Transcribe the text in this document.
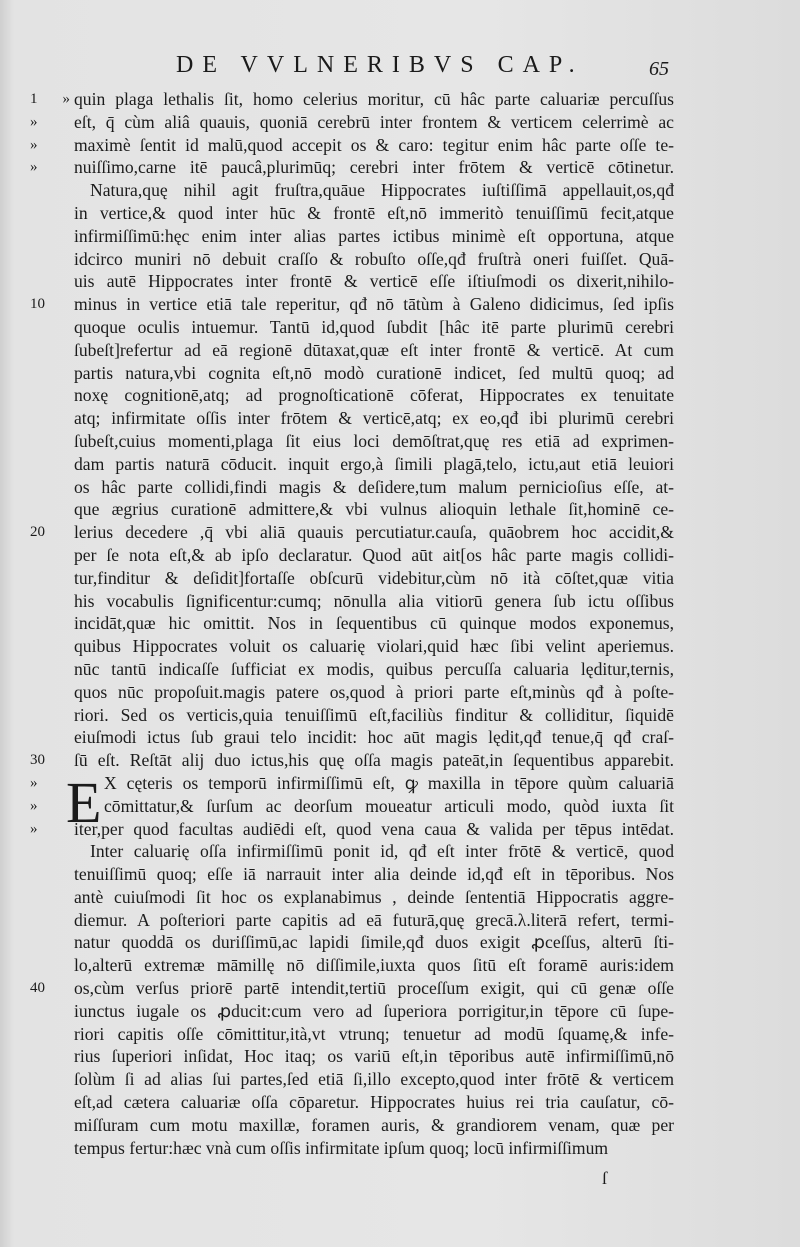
DE VVLNERIBVS CAP.	65
1 » quin plaga lethalis ſit, homo celerius moritur, cū hâc parte caluariæ percuſſus
»	eſt, q̄ cùm aliâ quauis, quoniā cerebrū inter frontem & verticem celerrimè ac
»	maximè ſentit id malū,quod accepit os & caro: tegitur enim hâc parte oſſe te-
»	nuiſſimo,carne itē paucâ,plurimūq; cerebri inter frōtem & verticē cōtinetur.
Natura,quę nihil agit fruſtra,quāue Hippocrates iuſtiſſimā appellauit,os,qđ
in vertice,& quod inter hūc & frontē eſt,nō immeritò tenuiſſimū fecit,atque
infirmiſſimū:hęc enim inter alias partes ictibus minimè eſt opportuna, atque
idcirco muniri nō debuit craſſo & robuſto oſſe,qđ fruſtrà oneri fuiſſet. Quā-
uis autē Hippocrates inter frontē & verticē eſſe iſtiuſmodi os dixerit,nihilo-
10	minus in vertice etiā tale reperitur, qđ nō tātùm à Galeno didicimus, ſed ipſis
quoque oculis intuemur. Tantū id,quod ſubdit [hâc itē parte plurimū cerebri
ſubeſt]refertur ad eā regionē dūtaxat,quæ eſt inter frontē & verticē. At cum
partis natura,vbi cognita eſt,nō modò curationē indicet, ſed multū quoq; ad
noxę cognitionē,atq; ad prognoſticationē cōferat, Hippocrates ex tenuitate
atq; infirmitate oſſis inter frōtem & verticē,atq; ex eo,qđ ibi plurimū cerebri
ſubeſt,cuius momenti,plaga ſit eius loci demōſtrat,quę res etiā ad exprimen-
dam partis naturā cōducit. inquit ergo,à ſimili plagā,telo, ictu,aut etiā leuiori
os hâc parte collidi,findi magis & deſidere,tum malum pernicioſius eſſe, at-
que ægrius curationē admittere,& vbi vulnus alioquin lethale ſit,hominē ce-
20	lerius decedere ,q̄ vbi aliā quauis percutiatur.cauſa, quāobrem hoc accidit,&
per ſe nota eſt,& ab ipſo declaratur. Quod aūt ait[os hâc parte magis collidi-
tur,finditur & deſidit]fortaſſe obſcurū videbitur,cùm nō ità cōſtet,quæ vitia
his vocabulis ſignificentur:cumq; nōnulla alia vitiorū genera ſub ictu oſſibus
incidāt,quæ hic omittit. Nos in ſequentibus cū quinque modos exponemus,
quibus Hippocrates voluit os caluarię violari,quid hæc ſibi velint aperiemus.
nūc tantū indicaſſe ſufficiat ex modis, quibus percuſſa caluaria lęditur,ternis,
quos nūc propoſuit.magis patere os,quod à priori parte eſt,minùs qđ à poſte-
riori. Sed os verticis,quia tenuiſſimū eſt,faciliùs finditur & colliditur, ſiquidē
eiuſmodi ictus ſub graui telo incidit: hoc aūt magis lędit,qđ tenue,q̄ qđ craſ-
30	ſū eſt. Reſtāt alij duo ictus,his quę oſſa magis pateāt,in ſequentibus apparebit.
» E X cęteris os temporū infirmiſſimū eſt, ꝙ maxilla in tēpore quùm caluariā
»	cōmittatur,& ſurſum ac deorſum moueatur articuli modo, quòd iuxta ſit
»	iter,per quod facultas audiēdi eſt, quod vena caua & valida per tēpus intēdat.
Inter caluarię oſſa infirmiſſimū ponit id, qđ eſt inter frōtē & verticē, quod
tenuiſſimū quoq; eſſe iā narrauit inter alia deinde id,qđ eſt in tēporibus. Nos
antè cuiuſmodi ſit hoc os explanabimus , deinde ſententiā Hippocratis aggre-
diemur. A poſteriori parte capitis ad eā futurā,quę grecā.λ.literā refert, termi-
natur quoddā os duriſſimū,ac lapidi ſimile,qđ duos exigit ꝓceſſus, alterū ſti-
lo,alterū extremæ māmillę nō diſſimile,iuxta quos ſitū eſt foramē auris:idem
40	os,cùm verſus priorē partē intendit,tertiū proceſſum exigit, qui cū genæ oſſe
iunctus iugale os ꝓducit:cum vero ad ſuperiora porrigitur,in tēpore cū ſupe-
riori capitis oſſe cōmittitur,ità,vt vtrunq; tenuetur ad modū ſquamę,& infe-
rius ſuperiori inſidat, Hoc itaq; os variū eſt,in tēporibus autē infirmiſſimū,nō
ſolùm ſi ad alias ſui partes,ſed etiā ſi,illo excepto,quod inter frōtē & verticem
eſt,ad cætera caluariæ oſſa cōparetur. Hippocrates huius rei tria cauſatur, cō-
miſſuram cum motu maxillæ, foramen auris, & grandiorem venam, quæ per
tempus fertur:hæc vnà cum oſſis infirmitate ipſum quoq; locū infirmiſſimum
ſ
